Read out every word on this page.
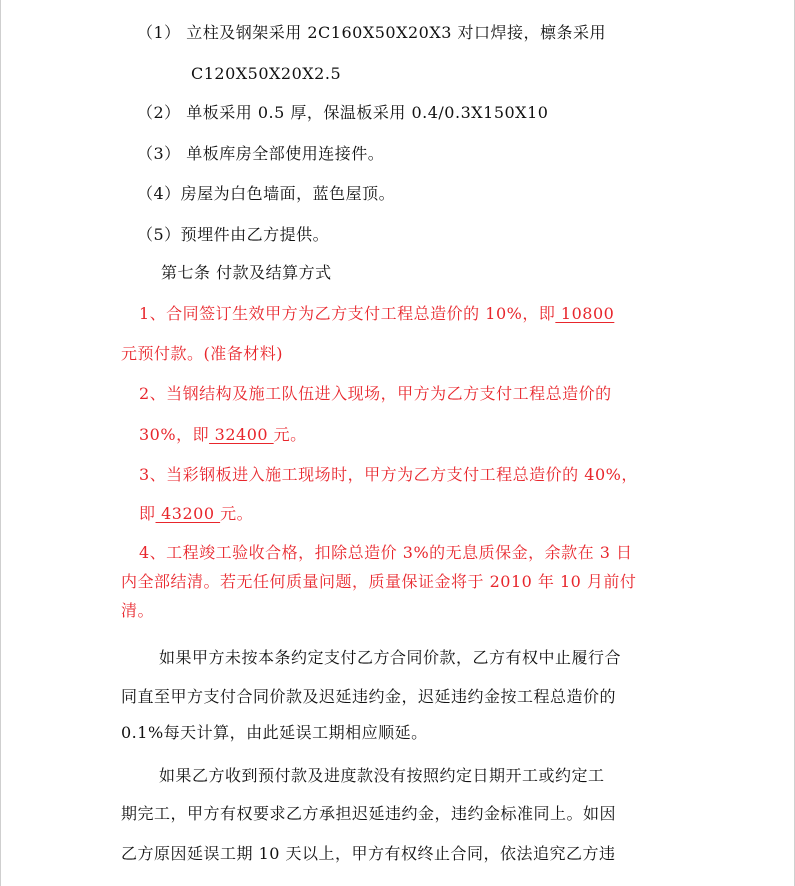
（1） 立柱及钢架采用 2C160X50X20X3 对口焊接，檩条采用
C120X50X20X2.5
（2） 单板采用 0.5 厚，保温板采用 0.4/0.3X150X10
（3） 单板库房全部使用连接件。
（4）房屋为白色墙面，蓝色屋顶。
（5）预埋件由乙方提供。
第七条 付款及结算方式
1、合同签订生效甲方为乙方支付工程总造价的 10%，即 10800
元预付款。(准备材料)
2、当钢结构及施工队伍进入现场，甲方为乙方支付工程总造价的
30%，即 32400 元。
3、当彩钢板进入施工现场时，甲方为乙方支付工程总造价的 40%，
即 43200 元。
4、工程竣工验收合格，扣除总造价 3%的无息质保金，余款在 3 日
内全部结清。若无任何质量问题，质量保证金将于 2010 年 10 月前付
清。
如果甲方未按本条约定支付乙方合同价款，乙方有权中止履行合
同直至甲方支付合同价款及迟延违约金，迟延违约金按工程总造价的
0.1%每天计算，由此延误工期相应顺延。
如果乙方收到预付款及进度款没有按照约定日期开工或约定工
期完工，甲方有权要求乙方承担迟延违约金，违约金标准同上。如因
乙方原因延误工期 10 天以上，甲方有权终止合同，依法追究乙方违
